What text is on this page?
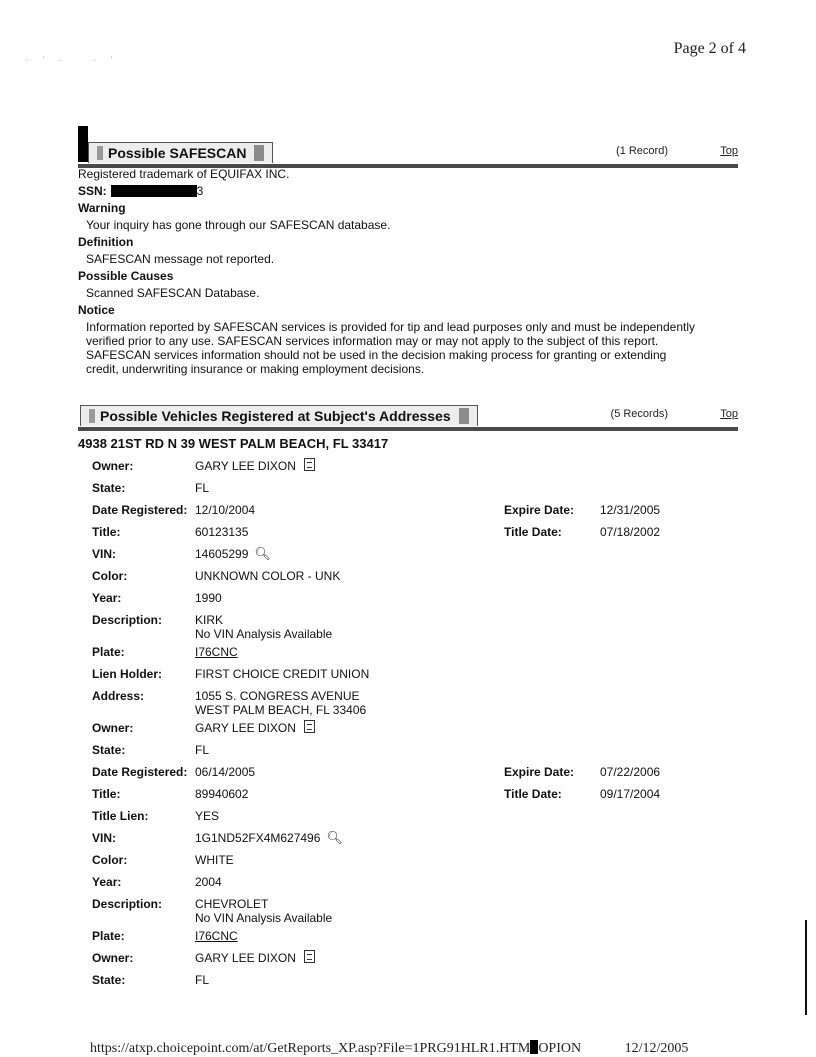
· ' ·   · '
Page 2 of 4
Possible SAFESCAN	(1 Record)	Top
Registered trademark of EQUIFAX INC.
SSN:	3
Warning
Your inquiry has gone through our SAFESCAN database.
Definition
SAFESCAN message not reported.
Possible Causes
Scanned SAFESCAN Database.
Notice
Information reported by SAFESCAN services is provided for tip and lead purposes only and must be independently
verified prior to any use. SAFESCAN services information may or may not apply to the subject of this report.
SAFESCAN services information should not be used in the decision making process for granting or extending
credit, underwriting insurance or making employment decisions.
Possible Vehicles Registered at Subject's Addresses	(5 Records)	Top
4938 21ST RD N 39 WEST PALM BEACH, FL 33417
Owner:	GARY LEE DIXON
State:	FL
Date Registered: 12/10/2004	Expire Date: 12/31/2005
Title:	60123135	Title Date:	07/18/2002
VIN:	14605299 🔍︎
Color:	UNKNOWN COLOR - UNK
Year:	1990
Description:	KIRK
No VIN Analysis Available
Plate:	I76CNC
Lien Holder:	FIRST CHOICE CREDIT UNION
Address:	1055 S. CONGRESS AVENUE
WEST PALM BEACH, FL 33406
Owner:	GARY LEE DIXON
State:	FL
Date Registered: 06/14/2005	Expire Date: 07/22/2006
Title:	89940602	Title Date:	09/17/2004
Title Lien:	YES
VIN:	1G1ND52FX4M627496 🔍︎
Color:	WHITE
Year:	2004
Description:	CHEVROLET
No VIN Analysis Available
Plate:	I76CNC
Owner:	GARY LEE DIXON
State:	FL
https://atxp.choicepoint.com/at/GetReports_XP.asp?File=1PRG91HLR1.HTM OPION	12/12/2005
